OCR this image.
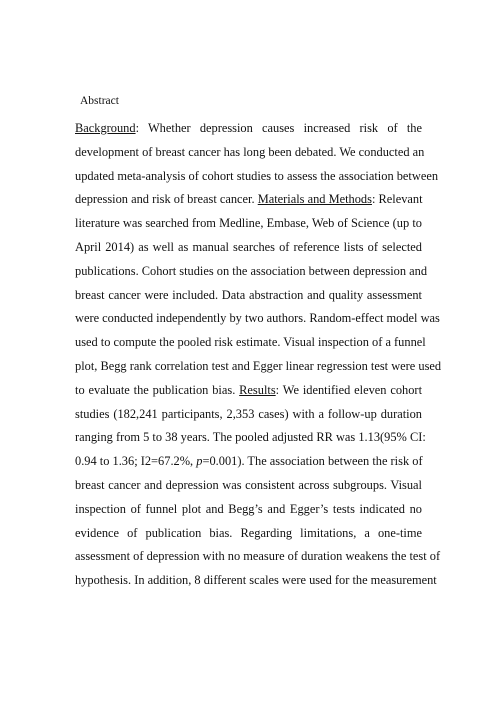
Abstract
Background: Whether depression causes increased risk of the
development of breast cancer has long been debated. We conducted an
updated meta-analysis of cohort studies to assess the association between
depression and risk of breast cancer. Materials and Methods: Relevant
literature was searched from Medline, Embase, Web of Science (up to
April 2014) as well as manual searches of reference lists of selected
publications. Cohort studies on the association between depression and
breast cancer were included. Data abstraction and quality assessment
were conducted independently by two authors. Random-effect model was
used to compute the pooled risk estimate. Visual inspection of a funnel
plot, Begg rank correlation test and Egger linear regression test were used
to evaluate the publication bias. Results: We identified eleven cohort
studies (182,241 participants, 2,353 cases) with a follow-up duration
ranging from 5 to 38 years. The pooled adjusted RR was 1.13(95% CI:
0.94 to 1.36; I2=67.2%, p=0.001). The association between the risk of
breast cancer and depression was consistent across subgroups. Visual
inspection of funnel plot and Begg’s and Egger’s tests indicated no
evidence of publication bias. Regarding limitations, a one-time
assessment of depression with no measure of duration weakens the test of
hypothesis. In addition, 8 different scales were used for the measurement
